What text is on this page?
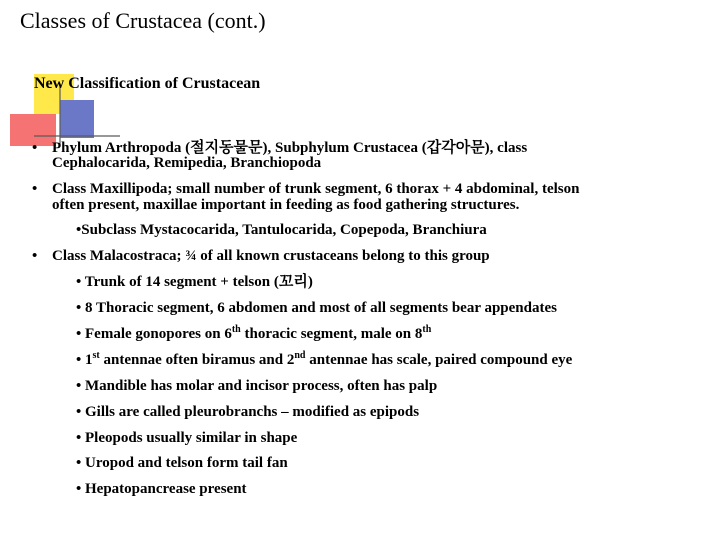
Classes of Crustacea (cont.)
New Classification of Crustacean
• Phylum Arthropoda (절지동물문), Subphylum Crustacea (갑각아문), class
Cephalocarida, Remipedia, Branchiopoda
• Class Maxillipoda; small number of trunk segment, 6 thorax + 4 abdominal, telson
often present, maxillae important in feeding as food gathering structures.
•Subclass Mystacocarida, Tantulocarida, Copepoda, Branchiura
• Class Malacostraca; ¾ of all known crustaceans belong to this group
• Trunk of 14 segment + telson (꼬리)
• 8 Thoracic segment, 6 abdomen and most of all segments bear appendates
• Female gonopores on 6th thoracic segment, male on 8th
• 1st antennae often biramus and 2nd antennae has scale, paired compound eye
• Mandible has molar and incisor process, often has palp
• Gills are called pleurobranchs – modified as epipods
• Pleopods usually similar in shape
• Uropod and telson form tail fan
• Hepatopancrease present
